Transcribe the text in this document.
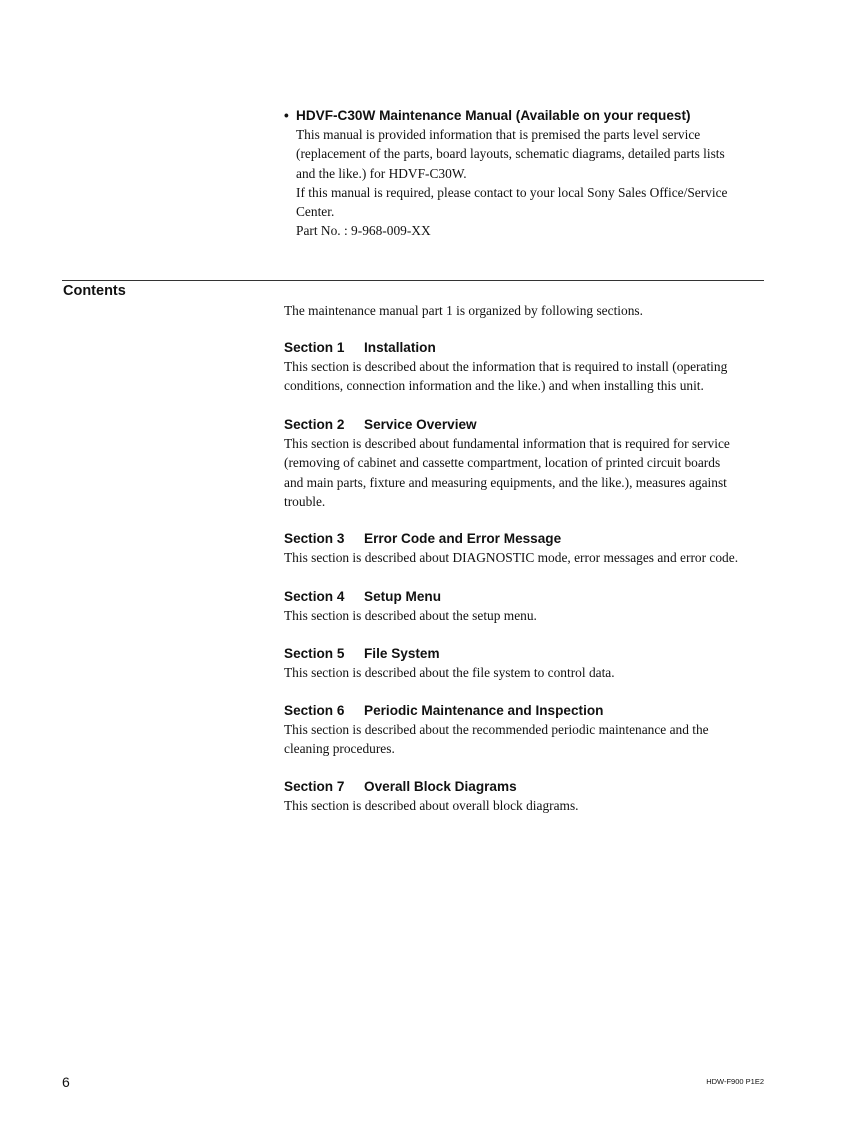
• HDVF-C30W Maintenance Manual (Available on your request)

This manual is provided information that is premised the parts level service

(replacement of the parts, board layouts, schematic diagrams, detailed parts lists

and the like.) for HDVF-C30W.

If this manual is required, please contact to your local Sony Sales Office/Service

Center.

Part No. : 9-968-009-XX

Contents

The maintenance manual part 1 is organized by following sections.

Section 1 Installation
This section is described about the information that is required to install (operating
conditions, connection information and the like.) and when installing this unit.
Section 2 Service Overview
This section is described about fundamental information that is required for service
(removing of cabinet and cassette compartment, location of printed circuit boards
and main parts, fixture and measuring equipments, and the like.), measures against
trouble.
Section 3 Error Code and Error Message
This section is described about DIAGNOSTIC mode, error messages and error code.
Section 4 Setup Menu
This section is described about the setup menu.
Section 5 File System
This section is described about the file system to control data.
Section 6 Periodic Maintenance and Inspection
This section is described about the recommended periodic maintenance and the
cleaning procedures.
Section 7 Overall Block Diagrams
This section is described about overall block diagrams.
6	HDW-F900 P1E2
